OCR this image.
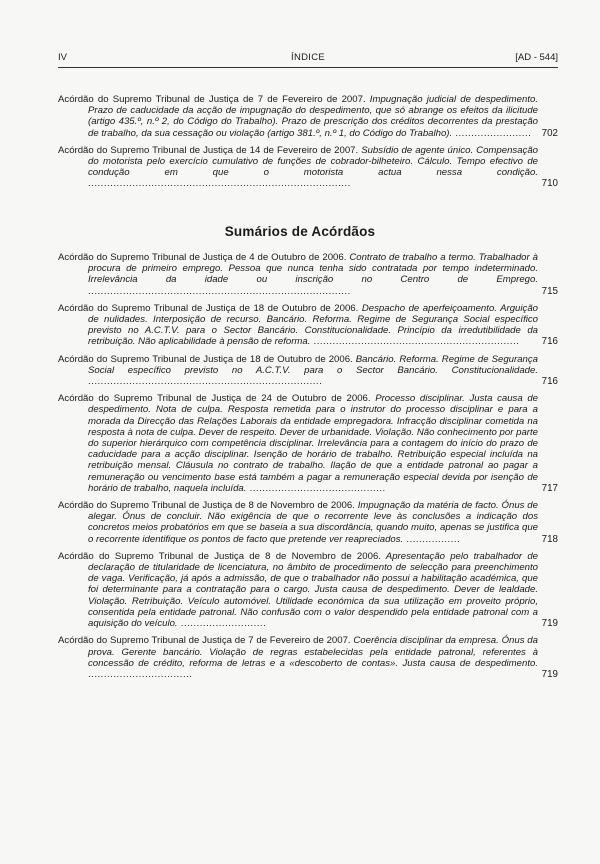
IV	ÍNDICE	[AD - 544]
Acórdão do Supremo Tribunal de Justiça de 7 de Fevereiro de 2007. Impugnação judicial de despedimento. Prazo de caducidade da acção de impugnação do despedimento, que só abrange os efeitos da ilicitude (artigo 435.º, n.º 2, do Código do Trabalho). Prazo de prescrição dos créditos decorrentes da prestação de trabalho, da sua cessação ou violação (artigo 381.º, n.º 1, do Código do Trabalho). ........................	702
Acórdão do Supremo Tribunal de Justiça de 14 de Fevereiro de 2007. Subsídio de agente único. Compensação do motorista pelo exercício cumulativo de funções de cobrador-bilheteiro. Cálculo. Tempo efectivo de condução em que o motorista actua nessa condição. ...................................................................................	710
Sumários de Acórdãos
Acórdão do Supremo Tribunal de Justiça de 4 de Outubro de 2006. Contrato de trabalho a termo. Trabalhador à procura de primeiro emprego. Pessoa que nunca tenha sido contratada por tempo indeterminado. Irrelevância da idade ou inscrição no Centro de Emprego. ...................................................................................	715
Acórdão do Supremo Tribunal de Justiça de 18 de Outubro de 2006. Despacho de aperfeiçoamento. Arguição de nulidades. Interposição de recurso. Bancário. Reforma. Regime de Segurança Social específico previsto no A.C.T.V. para o Sector Bancário. Constitucionalidade. Princípio da irredutibilidade da retribuição. Não aplicabilidade à pensão de reforma. .................................................................	716
Acórdão do Supremo Tribunal de Justiça de 18 de Outubro de 2006. Bancário. Reforma. Regime de Segurança Social específico previsto no A.C.T.V. para o Sector Bancário. Constitucionalidade. ..........................................................................	716
Acórdão do Supremo Tribunal de Justiça de 24 de Outubro de 2006. Processo disciplinar. Justa causa de despedimento. Nota de culpa. Resposta remetida para o instrutor do processo disciplinar e para a morada da Direcção das Relações Laborais da entidade empregadora. Infracção disciplinar cometida na resposta à nota de culpa. Dever de respeito. Dever de urbanidade. Violação. Não conhecimento por parte do superior hierárquico com competência disciplinar. Irrelevância para a contagem do início do prazo de caducidade para a acção disciplinar. Isenção de horário de trabalho. Retribuição especial incluída na retribuição mensal. Cláusula no contrato de trabalho. Ilação de que a entidade patronal ao pagar a remuneração ou vencimento base está também a pagar a remuneração especial devida por isenção de horário de trabalho, naquela incluída. ...........................................	717
Acórdão do Supremo Tribunal de Justiça de 8 de Novembro de 2006. Impugnação da matéria de facto. Ónus de alegar. Ónus de concluir. Não exigência de que o recorrente leve às conclusões a indicação dos concretos meios probatórios em que se baseia a sua discordância, quando muito, apenas se justifica que o recorrente identifique os pontos de facto que pretende ver reapreciados. .................	718
Acórdão do Supremo Tribunal de Justiça de 8 de Novembro de 2006. Apresentação pelo trabalhador de declaração de titularidade de licenciatura, no âmbito de procedimento de selecção para preenchimento de vaga. Verificação, já após a admissão, de que o trabalhador não possui a habilitação académica, que foi determinante para a contratação para o cargo. Justa causa de despedimento. Dever de lealdade. Violação. Retribuição. Veículo automóvel. Utilidade económica da sua utilização em proveito próprio, consentida pela entidade patronal. Não confusão com o valor despendido pela entidade patronal com a aquisição do veículo. ...........................	719
Acórdão do Supremo Tribunal de Justiça de 7 de Fevereiro de 2007. Coerência disciplinar da empresa. Ónus da prova. Gerente bancário. Violação de regras estabelecidas pela entidade patronal, referentes à concessão de crédito, reforma de letras e a «descoberto de contas». Justa causa de despedimento. .................................	719
